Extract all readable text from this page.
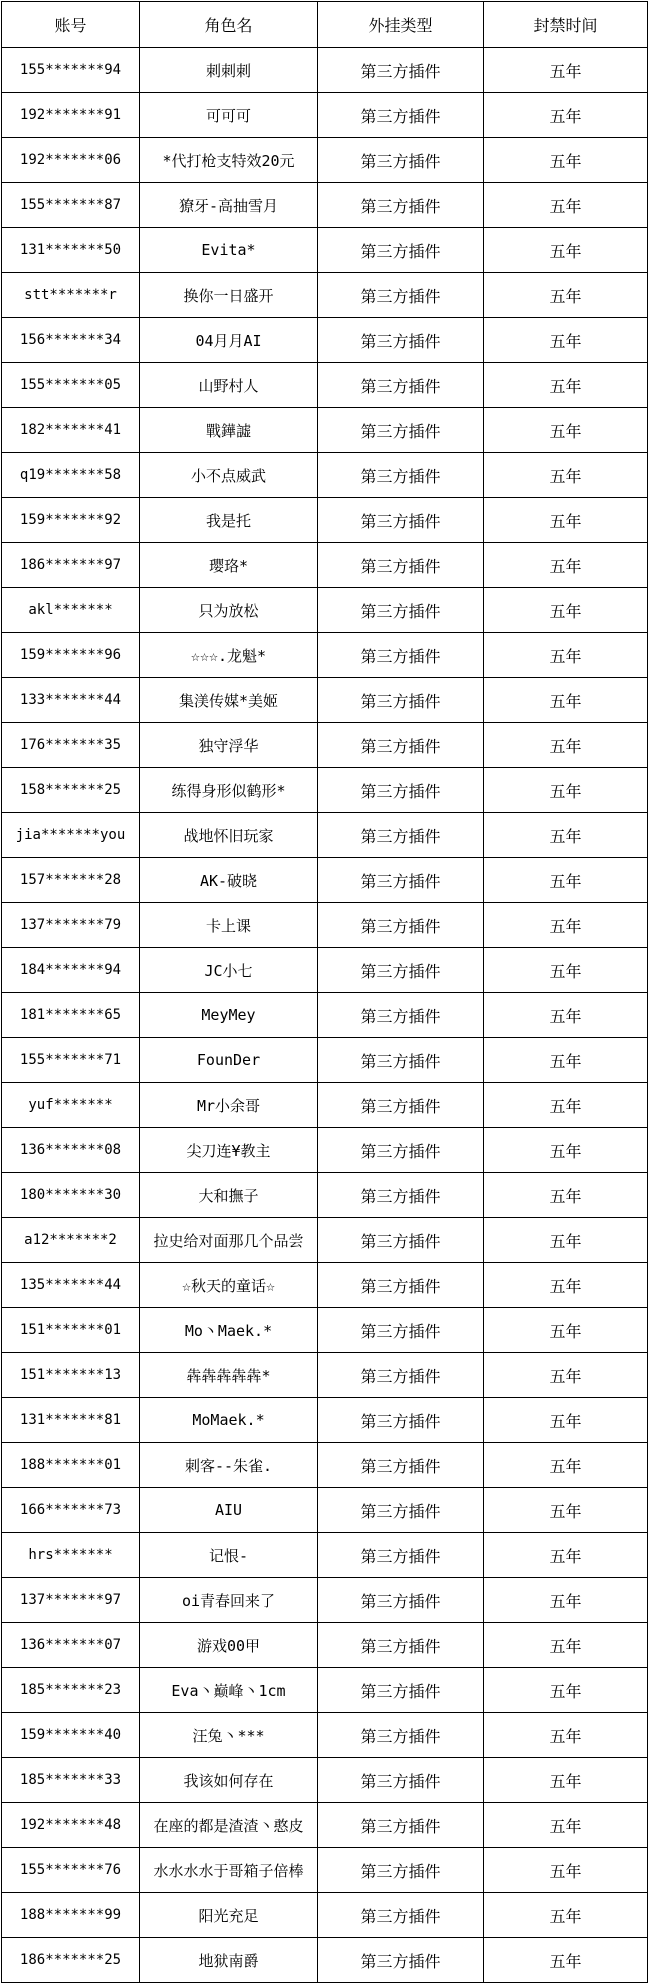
账号	角色名	外挂类型	封禁时间
155*******94	刺刺刺	第三方插件	五年
192*******91	可可可	第三方插件	五年
192*******06	*代打枪支特效20元	第三方插件	五年
155*******87	獠牙-高抽雪月	第三方插件	五年
131*******50	Evita*	第三方插件	五年
stt*******r	换你一日盛开	第三方插件	五年
156*******34	04月月AI	第三方插件	五年
155*******05	山野村人	第三方插件	五年
182*******41	戰鏵譃	第三方插件	五年
q19*******58	小不点威武	第三方插件	五年
159*******92	我是托	第三方插件	五年
186*******97	璎珞*	第三方插件	五年
akl*******	只为放松	第三方插件	五年
159*******96	☆☆☆.龙魁*	第三方插件	五年
133*******44	集渼传媒*美姬	第三方插件	五年
176*******35	独守浮华	第三方插件	五年
158*******25	练得身形似鹤形*	第三方插件	五年
jia*******you	战地怀旧玩家	第三方插件	五年
157*******28	AK-破晓	第三方插件	五年
137*******79	卡上课	第三方插件	五年
184*******94	JC小七	第三方插件	五年
181*******65	MeyMey	第三方插件	五年
155*******71	FounDer	第三方插件	五年
yuf*******	Mr小余哥	第三方插件	五年
136*******08	尖刀连¥教主	第三方插件	五年
180*******30	大和撫子	第三方插件	五年
a12*******2	拉史给对面那几个品尝	第三方插件	五年
135*******44	☆秋天的童话☆	第三方插件	五年
151*******01	Mo丶Maek.*	第三方插件	五年
151*******13	犇犇犇犇犇*	第三方插件	五年
131*******81	MoMaek.*	第三方插件	五年
188*******01	刺客--朱雀.	第三方插件	五年
166*******73	AIU	第三方插件	五年
hrs*******	记恨-	第三方插件	五年
137*******97	oi青春回来了	第三方插件	五年
136*******07	游戏00甲	第三方插件	五年
185*******23	Eva丶巅峰丶1cm	第三方插件	五年
159*******40	汪兔丶***	第三方插件	五年
185*******33	我该如何存在	第三方插件	五年
192*******48	在座的都是渣渣丶憨皮	第三方插件	五年
155*******76	水水水水于哥箱子倍棒	第三方插件	五年
188*******99	阳光充足	第三方插件	五年
186*******25	地狱南爵	第三方插件	五年
